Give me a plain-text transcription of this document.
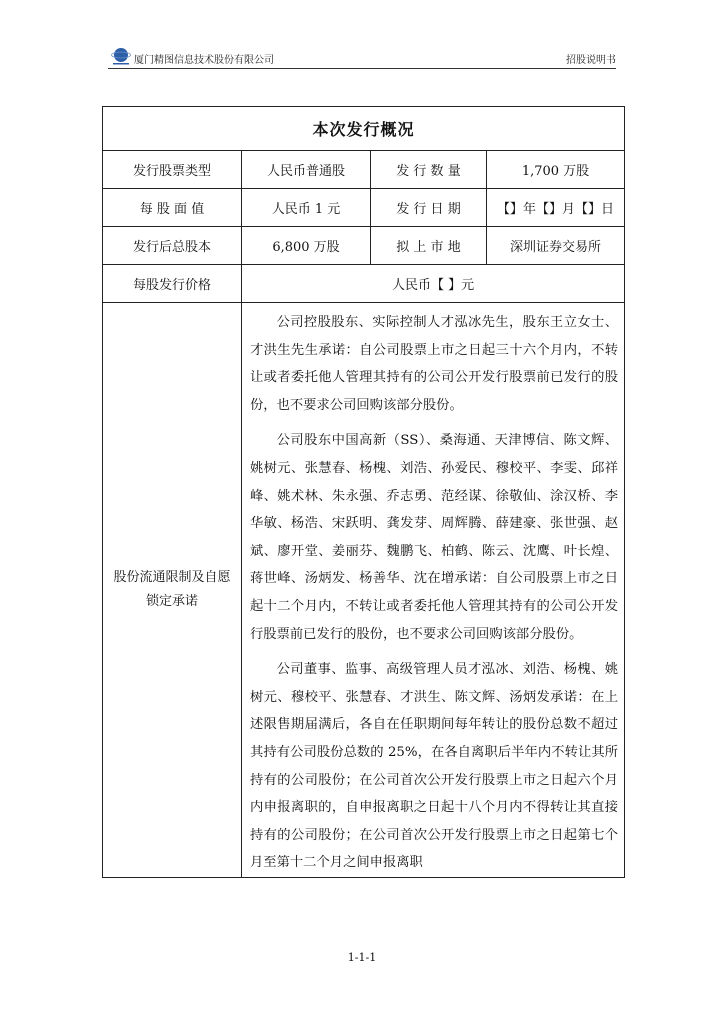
厦门精图信息技术股份有限公司	招股说明书
本次发行概况			
发行股票类型	人民币普通股	发 行 数 量	1,700 万股
每 股 面 值	人民币 1 元	发 行 日 期	【】年【】月【】日
发行后总股本	6,800 万股	拟 上 市 地	深圳证券交易所
每股发行价格	人民币【 】元		
股份流通限制及自愿锁定承诺	公司控股股东、实际控制人才泓冰先生，股东王立女士、才洪生先生承诺：自公司股票上市之日起三十六个月内，不转让或者委托他人管理其持有的公司公开发行股票前已发行的股份，也不要求公司回购该部分股份。

公司股东中国高新（SS）、桑海通、天津博信、陈文辉、姚树元、张慧春、杨槐、刘浩、孙爱民、穆校平、李雯、邱祥峰、姚术林、朱永强、乔志勇、范经谋、徐敬仙、涂汉桥、李华敏、杨浩、宋跃明、龚发芽、周辉腾、薛建豪、张世强、赵斌、廖开堂、姜丽芬、魏鹏飞、柏鹤、陈云、沈鹰、叶长煌、蒋世峰、汤炳发、杨善华、沈在增承诺：自公司股票上市之日起十二个月内，不转让或者委托他人管理其持有的公司公开发行股票前已发行的股份，也不要求公司回购该部分股份。

公司董事、监事、高级管理人员才泓冰、刘浩、杨槐、姚树元、穆校平、张慧春、才洪生、陈文辉、汤炳发承诺：在上述限售期届满后，各自在任职期间每年转让的股份总数不超过其持有公司股份总数的 25%，在各自离职后半年内不转让其所持有的公司股份；在公司首次公开发行股票上市之日起六个月内申报离职的，自申报离职之日起十八个月内不得转让其直接持有的公司股份；在公司首次公开发行股票上市之日起第七个月至第十二个月之间申报离职		

1-1-1
